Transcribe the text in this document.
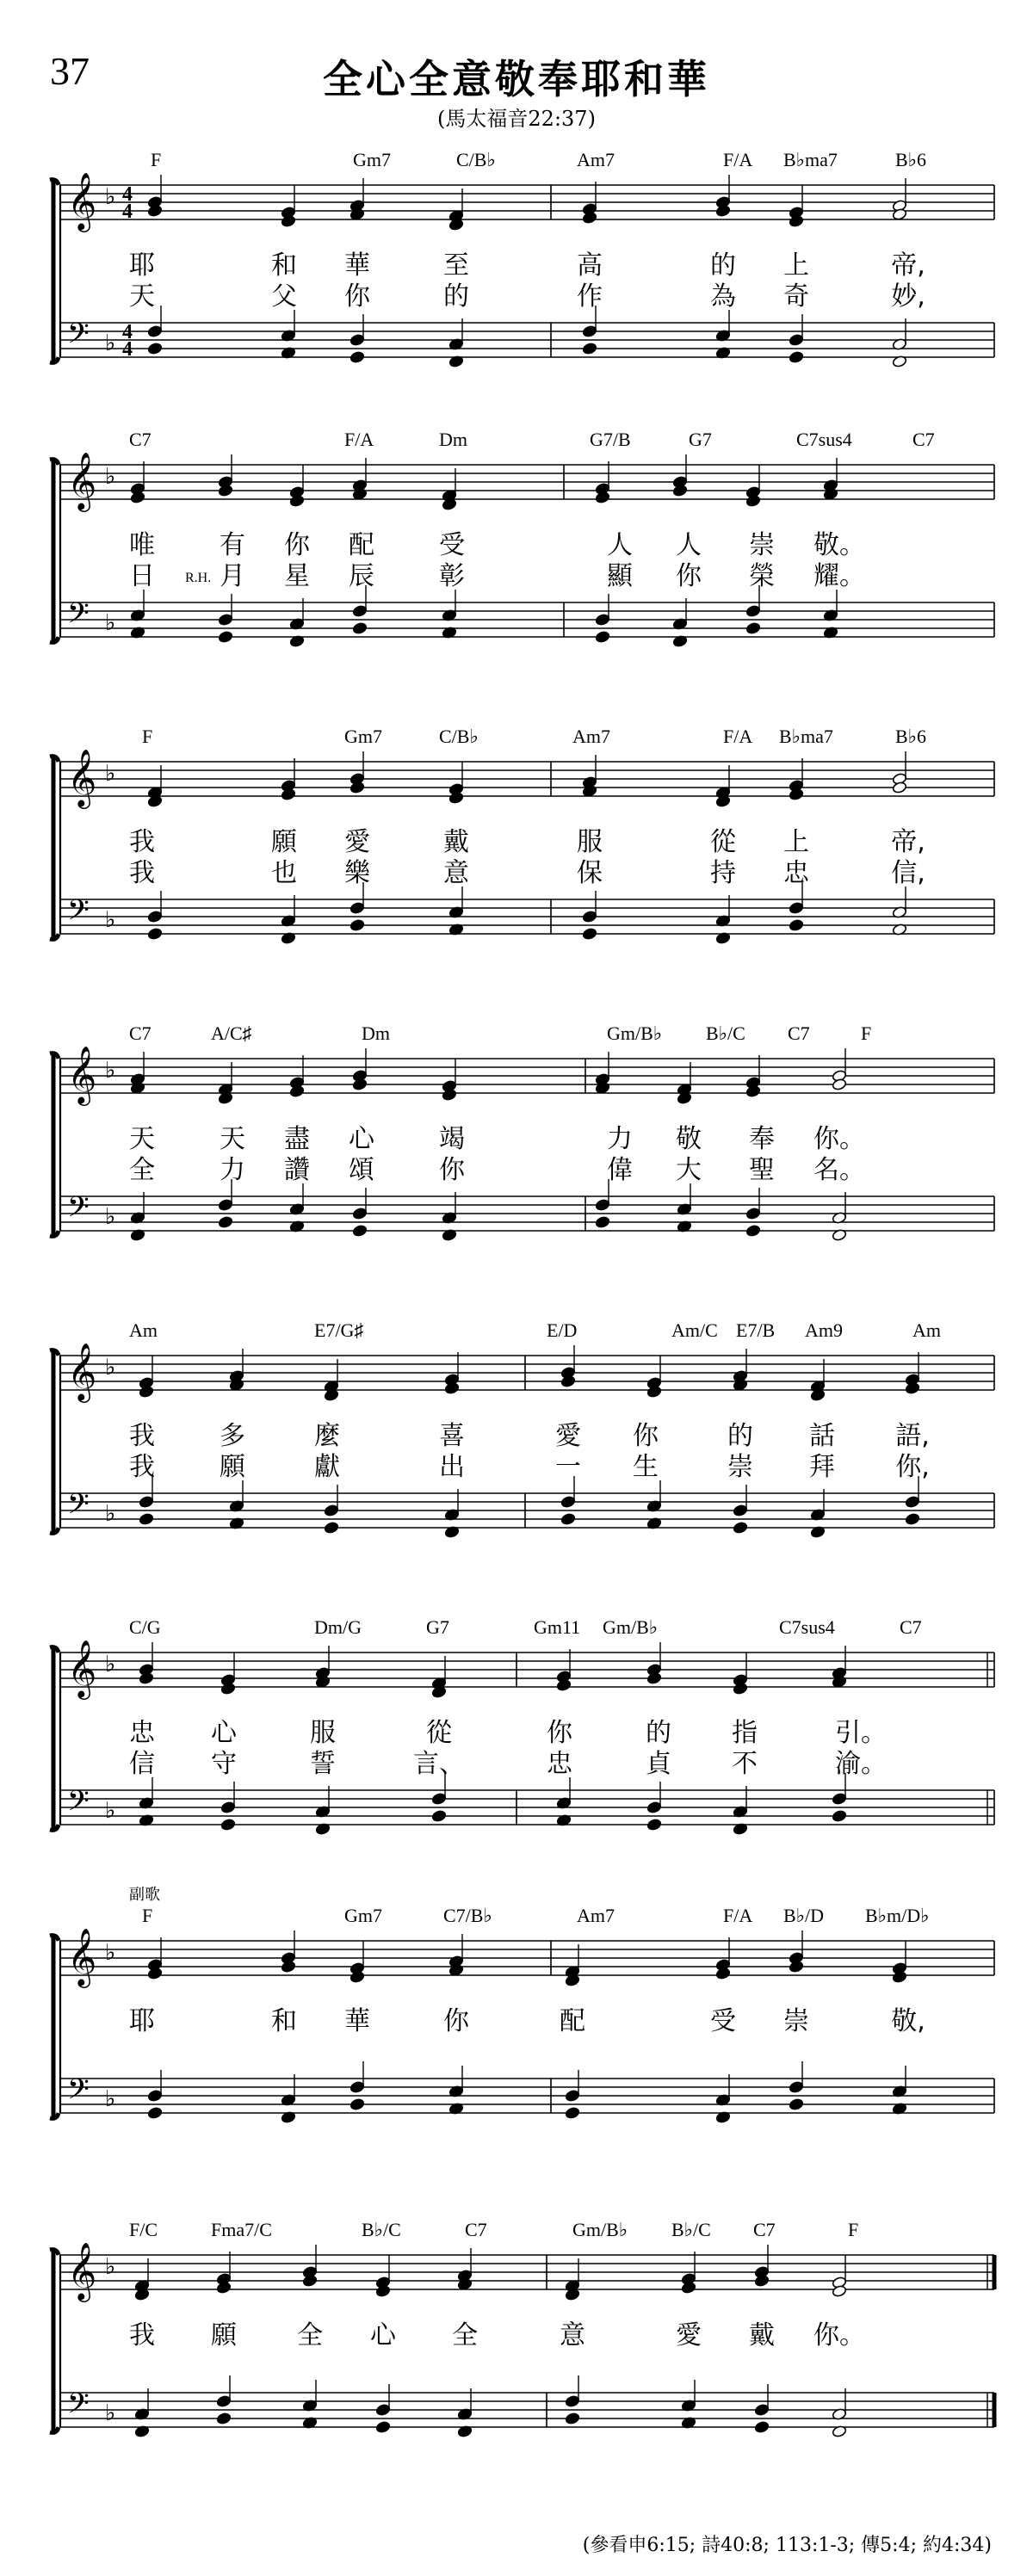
37	全心全意敬奉耶和華
(馬太福音22:37)
F	Gm7	C/B♭	Am7	F/A B♭ma7	B♭6
𝄞
𝄢
♭
♭
4
4
4
4
耶	和 華	至	高	的 上	帝,
天	父 你	的	作	為 奇	妙,
C7	F/A	Dm	G7/B	G7	C7sus4	C7
𝄞
𝄢
♭
♭
R.H.
唯	有 你 配	受	人 人 崇 敬。
日	月 星 辰	彰	顯 你 榮 耀。
F	Gm7	C/B♭	Am7	F/A B♭ma7	B♭6
𝄞
𝄢
♭
♭
我	願 愛	戴	服	從 上	帝,
我	也 樂	意	保	持 忠	信,
C7	A/C♯	Dm	Gm/B♭ B♭/C C7	F
𝄞
𝄢
♭
♭
天	天 盡 心	竭	力 敬 奉 你。
全	力 讚 頌	你	偉 大 聖 名。
Am	E7/G♯	E/D	Am/C E7/B Am9	Am
𝄞
𝄢
♭
♭
我	多	麼	喜	愛 你	的 話 語,
我	願	獻	出	一 生	崇 拜 你,
C/G	Dm/G	G7	Gm11 Gm/B♭	C7sus4	C7
𝄞
𝄢
♭
♭
忠 心	服	從	你	的 指	引。
信 守	誓	言、	忠	貞 不	渝。
副歌
F	Gm7	C7/B♭	Am7	F/A B♭/D B♭m/D♭
𝄞
𝄢
♭
♭
耶	和 華	你	配	受 崇	敬,
F/C	Fma7/C	B♭/C	C7	Gm/B♭ B♭/C C7	F
𝄞
𝄢
♭
♭
我 願 全 心 全	意	愛 戴 你。
(參看申6:15; 詩40:8; 113:1-3; 傳5:4; 約4:34)
